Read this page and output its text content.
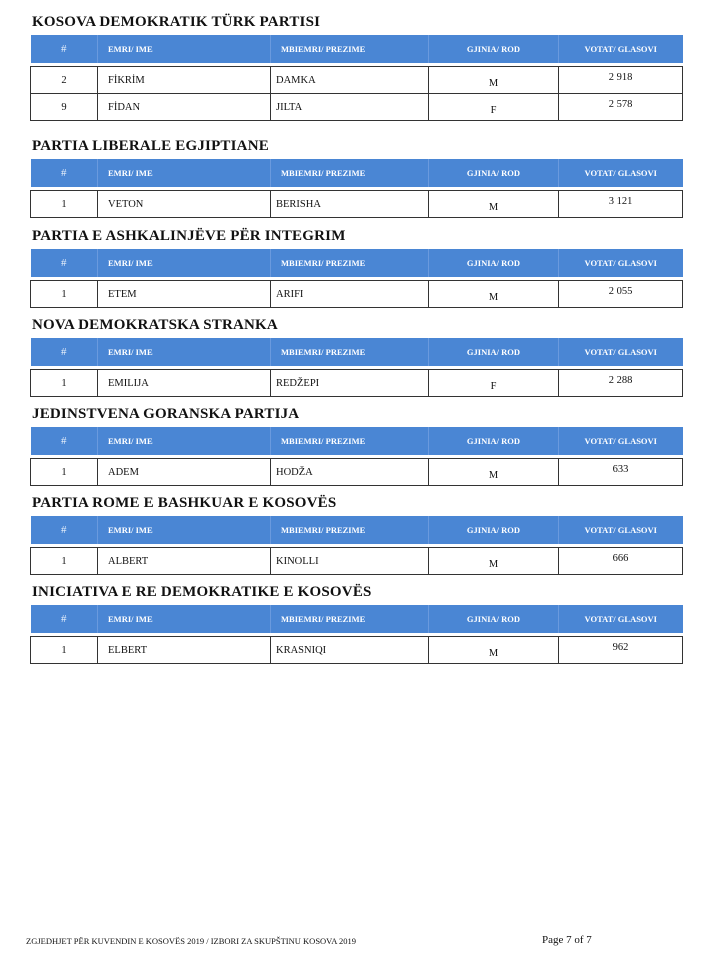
KOSOVA DEMOKRATIK TÜRK PARTISI
#	EMRI/ IME	MBIEMRI/ PREZIME	GJINIA/ ROD	VOTAT/ GLASOVI

2	FİKRİM	DAMKA	M	2 918
9	FİDAN	JILTA	F	2 578
PARTIA LIBERALE EGJIPTIANE
#	EMRI/ IME	MBIEMRI/ PREZIME	GJINIA/ ROD	VOTAT/ GLASOVI

1	VETON	BERISHA	M	3 121
PARTIA E ASHKALINJËVE PËR INTEGRIM
#	EMRI/ IME	MBIEMRI/ PREZIME	GJINIA/ ROD	VOTAT/ GLASOVI

1	ETEM	ARIFI	M	2 055
NOVA DEMOKRATSKA STRANKA
#	EMRI/ IME	MBIEMRI/ PREZIME	GJINIA/ ROD	VOTAT/ GLASOVI

1	EMILIJA	REDŽEPI	F	2 288
JEDINSTVENA GORANSKA PARTIJA
#	EMRI/ IME	MBIEMRI/ PREZIME	GJINIA/ ROD	VOTAT/ GLASOVI

1	ADEM	HODŽA	M	633
PARTIA ROME E BASHKUAR E KOSOVËS
#	EMRI/ IME	MBIEMRI/ PREZIME	GJINIA/ ROD	VOTAT/ GLASOVI

1	ALBERT	KINOLLI	M	666
INICIATIVA E RE DEMOKRATIKE E KOSOVËS
#	EMRI/ IME	MBIEMRI/ PREZIME	GJINIA/ ROD	VOTAT/ GLASOVI

1	ELBERT	KRASNIQI	M	962
ZGJEDHJET PËR KUVENDIN E KOSOVËS 2019 / IZBORI ZA SKUPŠTINU KOSOVA 2019	Page 7 of 7
